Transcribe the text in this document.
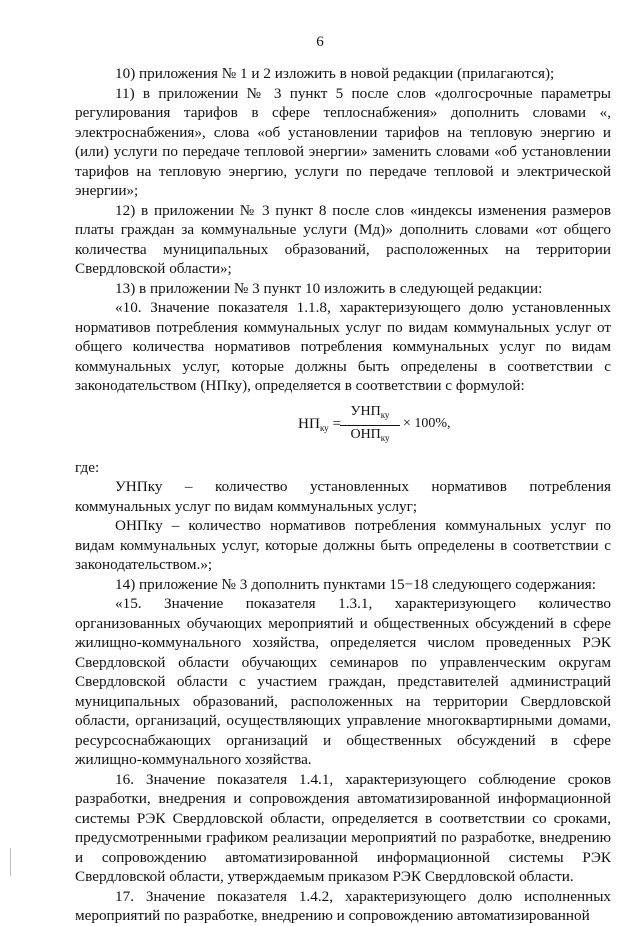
6

10) приложения № 1 и 2 изложить в новой редакции (прилагаются);

11) в приложении № 3 пункт 5 после слов «долгосрочные параметры регулирования тарифов в сфере теплоснабжения» дополнить словами «, электроснабжения», слова «об установлении тарифов на тепловую энергию и (или) услуги по передаче тепловой энергии» заменить словами «об установлении тарифов на тепловую энергию, услуги по передаче тепловой и электрической энергии»;

12) в приложении № 3 пункт 8 после слов «индексы изменения размеров платы граждан за коммунальные услуги (Мд)» дополнить словами «от общего количества муниципальных образований, расположенных на территории Свердловской области»;

13) в приложении № 3 пункт 10 изложить в следующей редакции:

«10. Значение показателя 1.1.8, характеризующего долю установленных нормативов потребления коммунальных услуг по видам коммунальных услуг от общего количества нормативов потребления коммунальных услуг по видам коммунальных услуг, которые должны быть определены в соответствии с законодательством (НПку), определяется в соответствии с формулой:

$НП_{ку}$ =
$УНП_{ку}$
$ОНП_{ку}$
× 100%,

где:

УНПку – количество установленных нормативов потребления коммунальных услуг по видам коммунальных услуг;

ОНПку – количество нормативов потребления коммунальных услуг по видам коммунальных услуг, которые должны быть определены в соответствии с законодательством.»;

14) приложение № 3 дополнить пунктами 15−18 следующего содержания:

«15. Значение показателя 1.3.1, характеризующего количество организованных обучающих мероприятий и общественных обсуждений в сфере жилищно-коммунального хозяйства, определяется числом проведенных РЭК Свердловской области обучающих семинаров по управленческим округам Свердловской области с участием граждан, представителей администраций муниципальных образований, расположенных на территории Свердловской области, организаций, осуществляющих управление многоквартирными домами, ресурсоснабжающих организаций и общественных обсуждений в сфере жилищно-коммунального хозяйства.

16. Значение показателя 1.4.1, характеризующего соблюдение сроков разработки, внедрения и сопровождения автоматизированной информационной системы РЭК Свердловской области, определяется в соответствии со сроками, предусмотренными графиком реализации мероприятий по разработке, внедрению и сопровождению автоматизированной информационной системы РЭК Свердловской области, утверждаемым приказом РЭК Свердловской области.

17. Значение показателя 1.4.2, характеризующего долю исполненных мероприятий по разработке, внедрению и сопровождению автоматизированной
